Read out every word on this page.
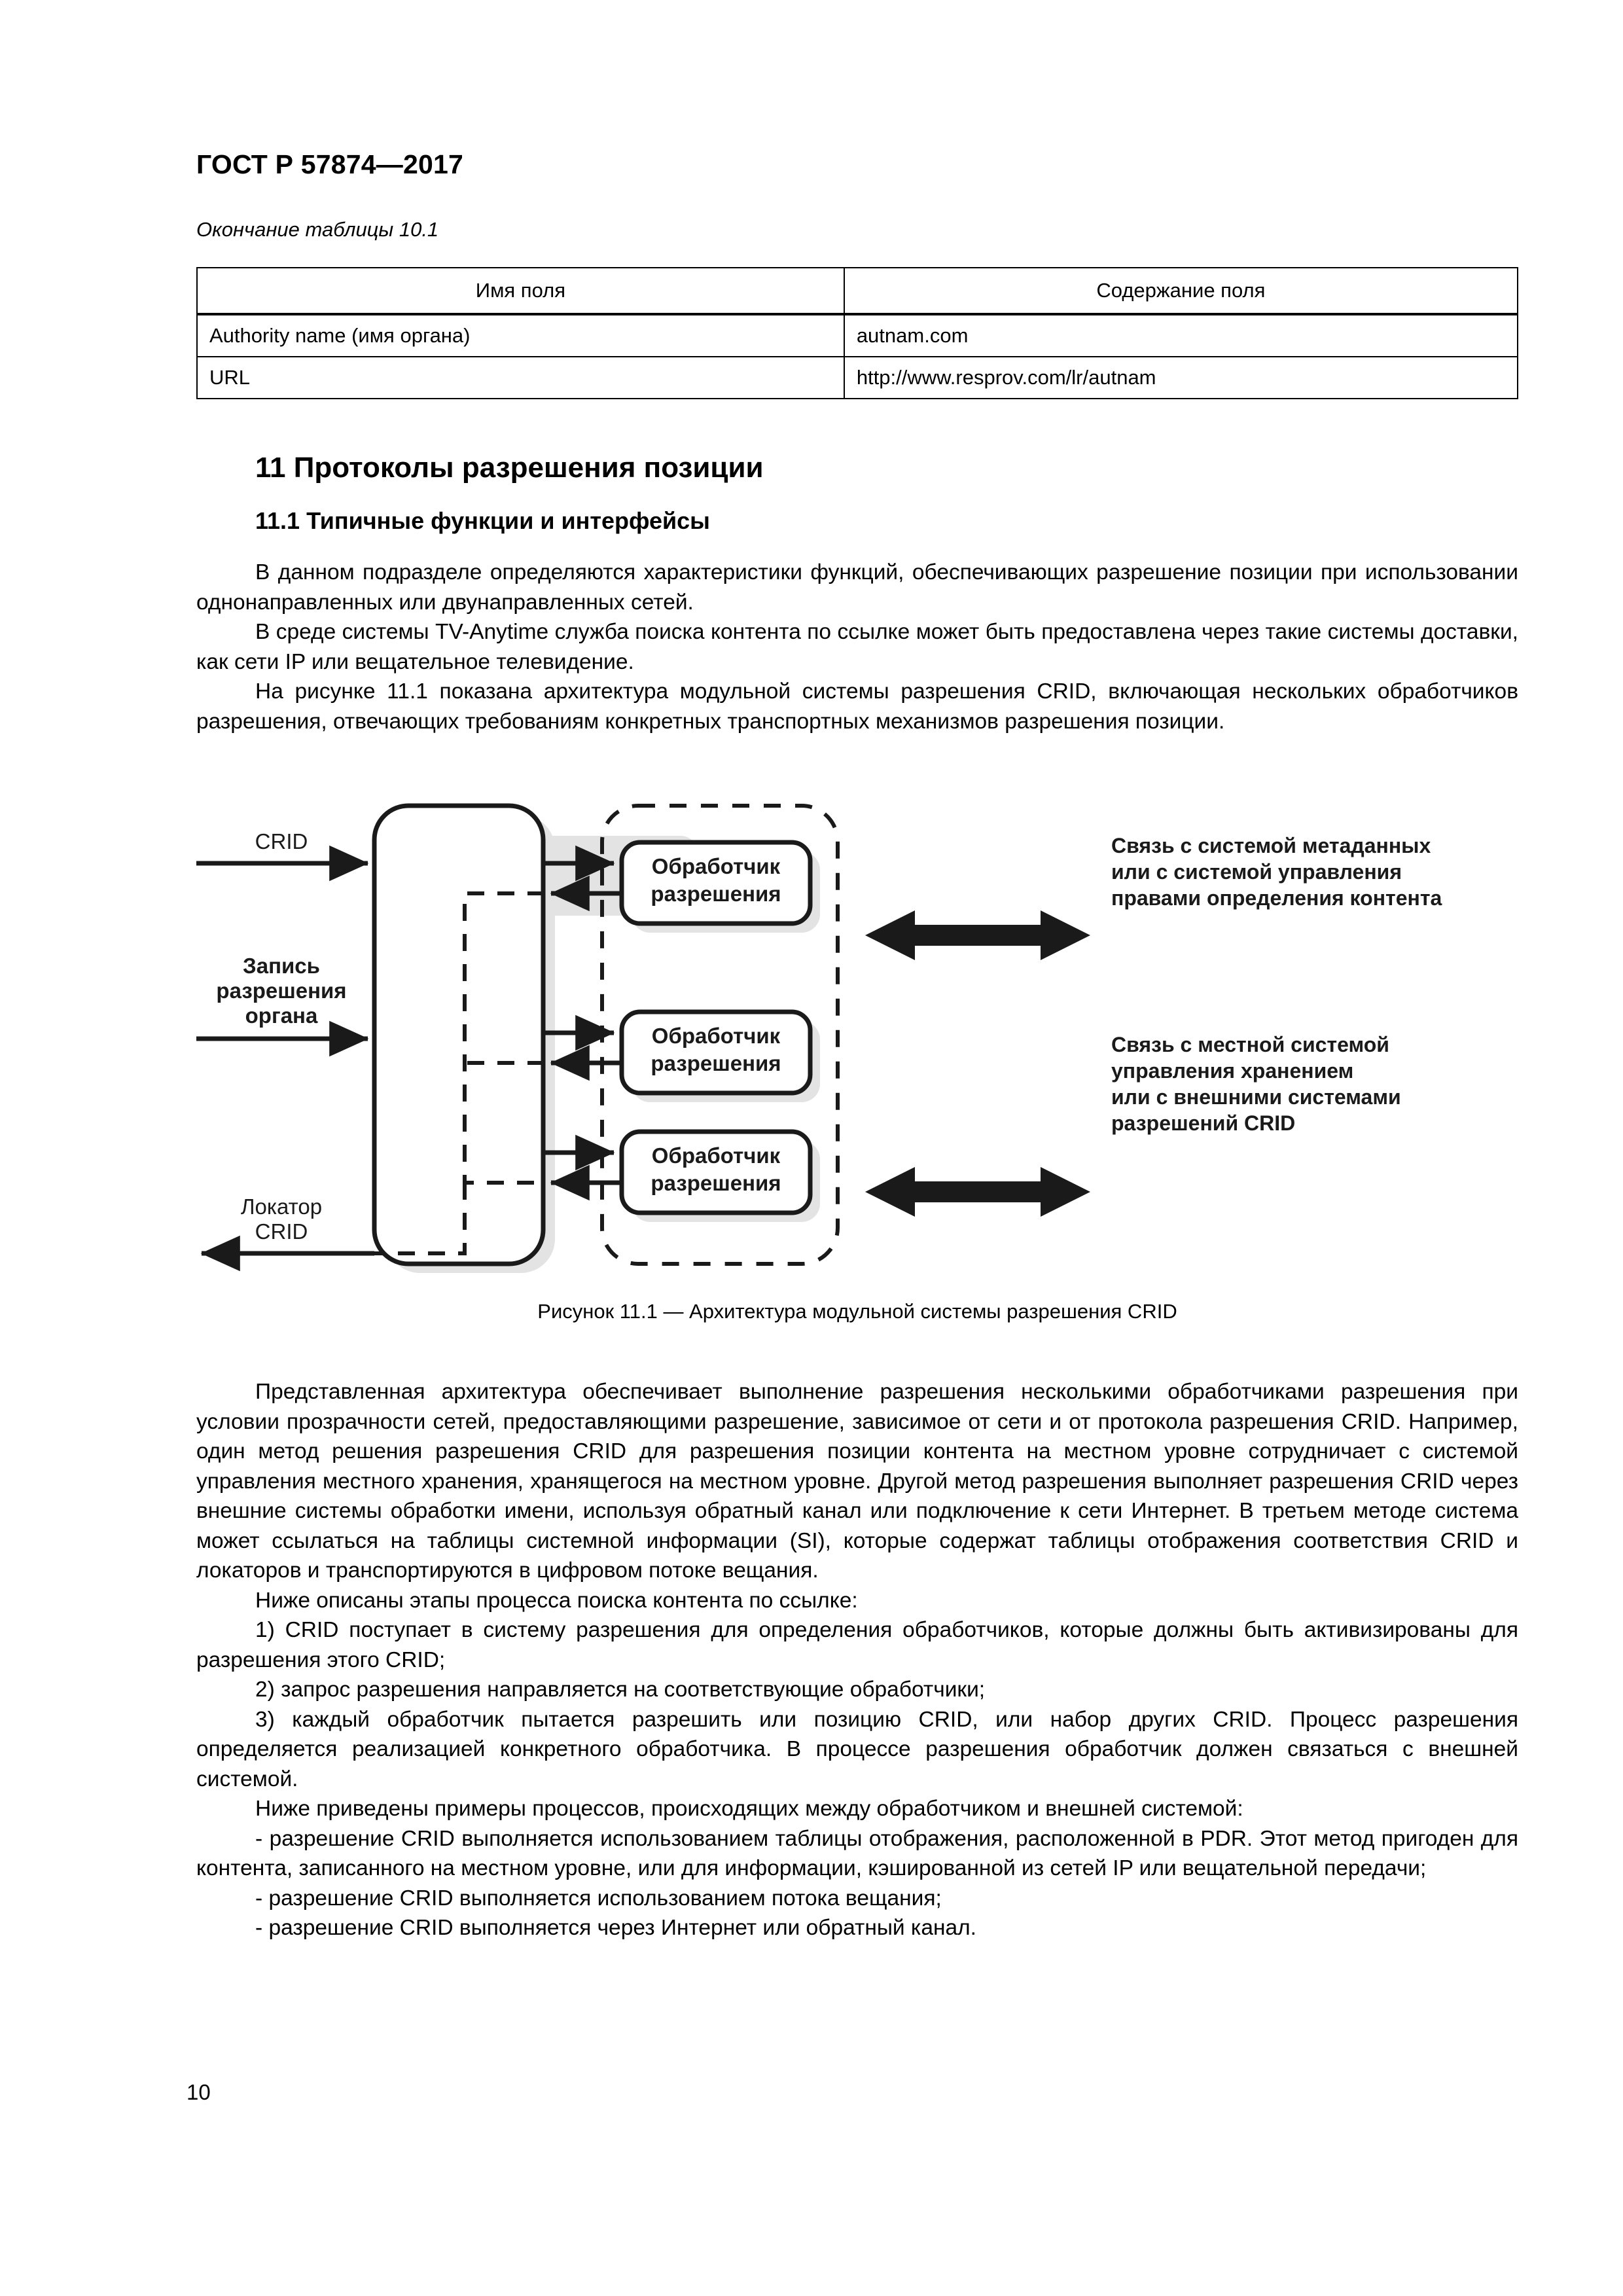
ГОСТ Р 57874—2017
Окончание таблицы 10.1
Имя поля	Содержание поля
Authority name (имя органа)	autnam.com
URL	http://www.resprov.com/lr/autnam
11 Протоколы разрешения позиции
11.1 Типичные функции и интерфейсы

В данном подразделе определяются характеристики функций, обеспечивающих разрешение позиции при использовании однонаправленных или двунаправленных сетей.

В среде системы TV-Anytime служба поиска контента по ссылке может быть предоставлена через такие системы доставки, как сети IP или вещательное телевидение.

На рисунке 11.1 показана архитектура модульной системы разрешения CRID, включающая нескольких обработчиков разрешения, отвечающих требованиям конкретных транспортных механизмов разрешения позиции.

Обработчик
разрешения
Обработчик
разрешения
Обработчик
разрешения
CRID
Запись
разрешения
органа
Локатор
CRID
Связь с системой метаданных
или с системой управления
правами определения контента
Связь с местной системой
управления хранением
или с внешними системами
разрешений CRID
Рисунок 11.1 — Архитектура модульной системы разрешения CRID

Представленная архитектура обеспечивает выполнение разрешения несколькими обработчиками разрешения при условии прозрачности сетей, предоставляющими разрешение, зависимое от сети и от протокола разрешения CRID. Например, один метод решения разрешения CRID для разрешения позиции контента на местном уровне сотрудничает с системой управления местного хранения, хранящегося на местном уровне. Другой метод разрешения выполняет разрешения CRID через внешние системы обработки имени, используя обратный канал или подключение к сети Интернет. В третьем методе система может ссылаться на таблицы системной информации (SI), которые содержат таблицы отображения соответствия CRID и локаторов и транспортируются в цифровом потоке вещания.

Ниже описаны этапы процесса поиска контента по ссылке:

1) CRID поступает в систему разрешения для определения обработчиков, которые должны быть активизированы для разрешения этого CRID;

2) запрос разрешения направляется на соответствующие обработчики;

3) каждый обработчик пытается разрешить или позицию CRID, или набор других CRID. Процесс разрешения определяется реализацией конкретного обработчика. В процессе разрешения обработчик должен связаться с внешней системой.

Ниже приведены примеры процессов, происходящих между обработчиком и внешней системой:

- разрешение CRID выполняется использованием таблицы отображения, расположенной в PDR. Этот метод пригоден для контента, записанного на местном уровне, или для информации, кэшированной из сетей IP или вещательной передачи;

- разрешение CRID выполняется использованием потока вещания;

- разрешение CRID выполняется через Интернет или обратный канал.

10
